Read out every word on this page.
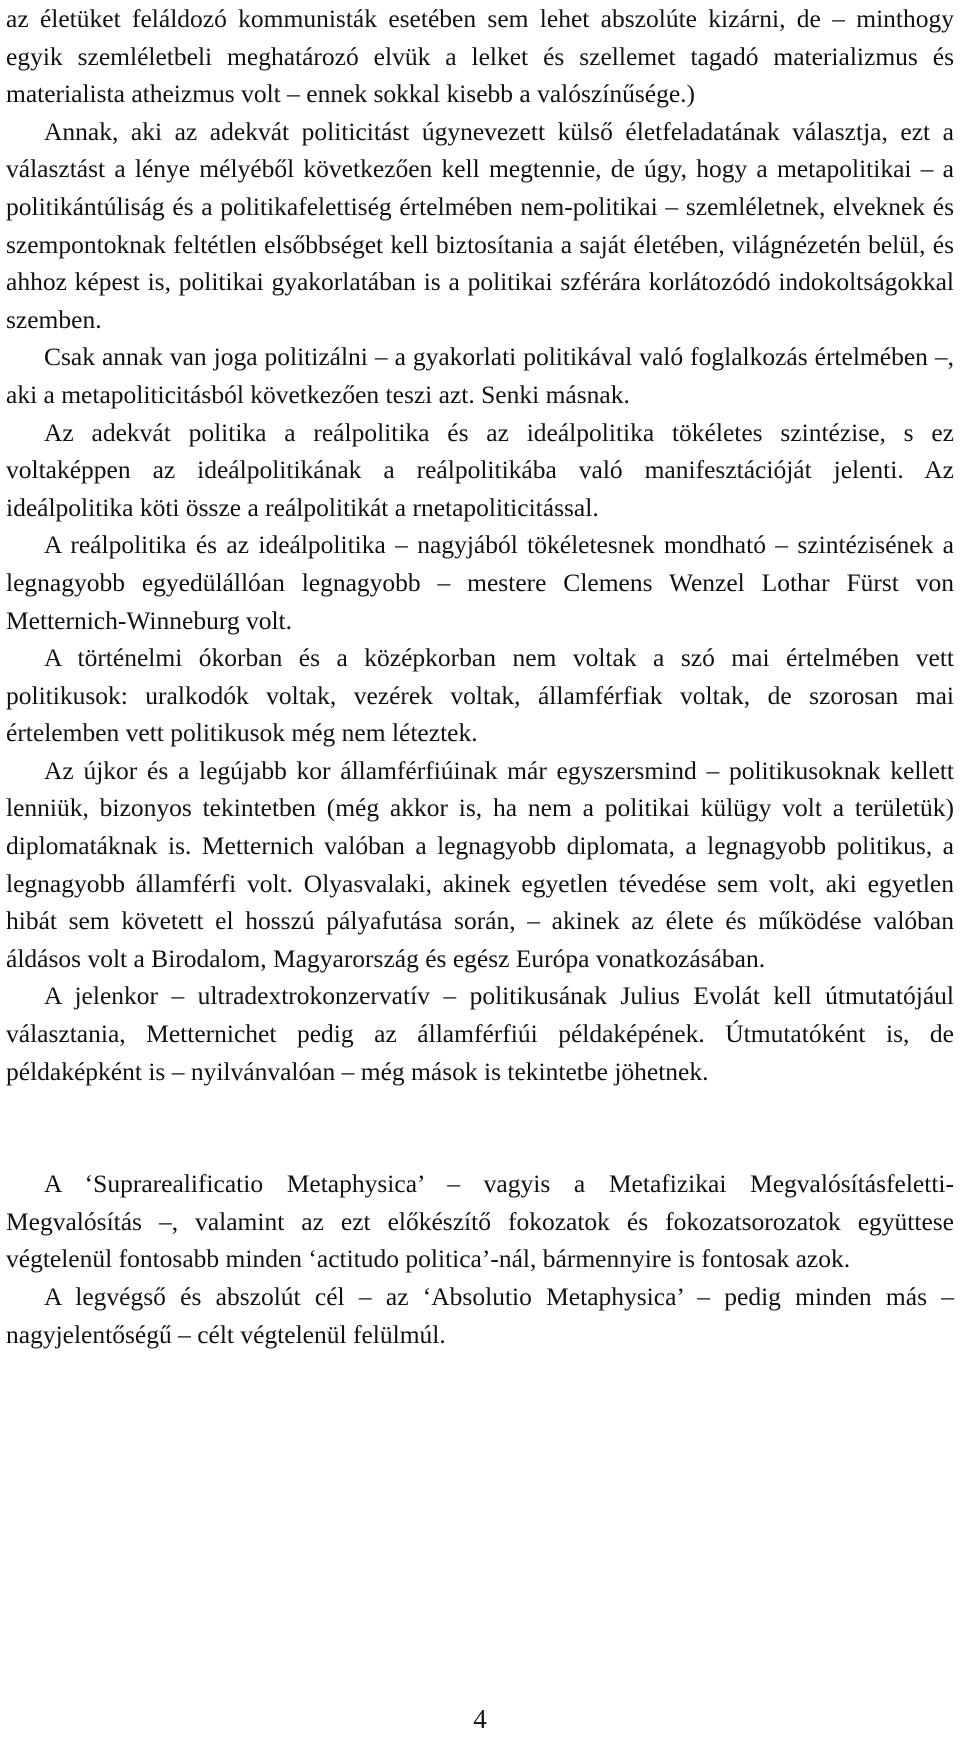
az életüket feláldozó kommunisták esetében sem lehet abszolúte kizárni, de – minthogy egyik szemléletbeli meghatározó elvük a lelket és szellemet tagadó materializmus és materialista atheizmus volt – ennek sokkal kisebb a valószínűsége.)

Annak, aki az adekvát politicitást úgynevezett külső életfeladatának választja, ezt a választást a lénye mélyéből következően kell megtennie, de úgy, hogy a metapolitikai – a politikántúliság és a politikafelettiség értelmében nem-politikai – szemléletnek, elveknek és szempontoknak feltétlen elsőbbséget kell biztosítania a saját életében, világnézetén belül, és ahhoz képest is, politikai gyakorlatában is a politikai szférára korlátozódó indokoltságokkal szemben.

Csak annak van joga politizálni – a gyakorlati politikával való foglalkozás értelmében –, aki a metapoliticitásból következően teszi azt. Senki másnak.

Az adekvát politika a reálpolitika és az ideálpolitika tökéletes szintézise, s ez voltaképpen az ideálpolitikának a reálpolitikába való manifesztációját jelenti. Az ideálpolitika köti össze a reálpolitikát a rnetapoliticitással.

A reálpolitika és az ideálpolitika – nagyjából tökéletesnek mondható – szintézisének a legnagyobb egyedülállóan legnagyobb – mestere Clemens Wenzel Lothar Fürst von Metternich-Winneburg volt.

A történelmi ókorban és a középkorban nem voltak a szó mai értelmében vett politikusok: uralkodók voltak, vezérek voltak, államférfiak voltak, de szorosan mai értelemben vett politikusok még nem léteztek.

Az újkor és a legújabb kor államférfiúinak már egyszersmind – politikusoknak kellett lenniük, bizonyos tekintetben (még akkor is, ha nem a politikai külügy volt a területük) diplomatáknak is. Metternich valóban a legnagyobb diplomata, a legnagyobb politikus, a legnagyobb államférfi volt. Olyasvalaki, akinek egyetlen tévedése sem volt, aki egyetlen hibát sem követett el hosszú pályafutása során, – akinek az élete és működése valóban áldásos volt a Birodalom, Magyarország és egész Európa vonatkozásában.

A jelenkor – ultradextrokonzervatív – politikusának Julius Evolát kell útmutatójául választania, Metternichet pedig az államférfiúi példaképének. Útmutatóként is, de példaképként is – nyilvánvalóan – még mások is tekintetbe jöhetnek.

A ‘Suprarealificatio Metaphysica’ – vagyis a Metafizikai Megvalósításfeletti-Megvalósítás –, valamint az ezt előkészítő fokozatok és fokozatsorozatok együttese végtelenül fontosabb minden ‘actitudo politica’-nál, bármennyire is fontosak azok.

A legvégső és abszolút cél – az ‘Absolutio Metaphysica’ – pedig minden más – nagyjelentőségű – célt végtelenül felülmúl.

4
